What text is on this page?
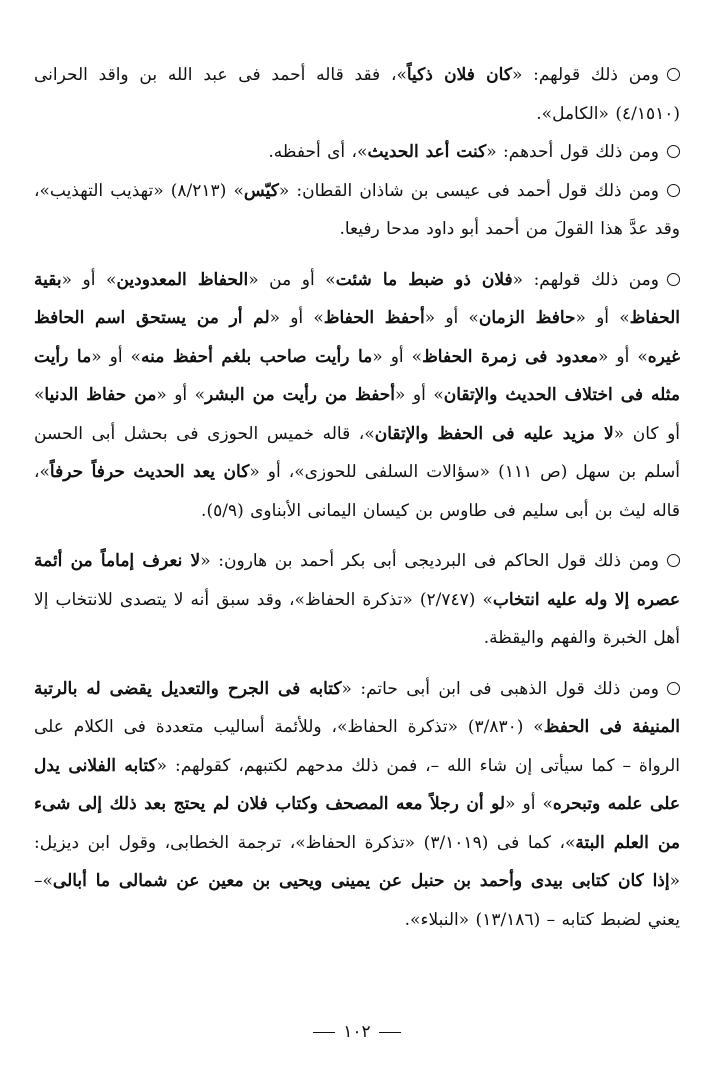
ومن ذلك قولهم: «كان فلان ذكياً»، فقد قاله أحمد فى عبد الله بن واقد الحرانى (٤/١٥١٠) «الكامل».

ومن ذلك قول أحدهم: «كنت أعد الحديث»، أى أحفظه.

ومن ذلك قول أحمد فى عيسى بن شاذان القطان: «كيّس» (٨/٢١٣) «تهذيب التهذيب»، وقد عدَّ هذا القولَ من أحمد أبو داود مدحا رفيعا.

ومن ذلك قولهم: «فلان ذو ضبط ما شئت» أو من «الحفاظ المعدودين» أو «بقية الحفاظ» أو «حافظ الزمان» أو «أحفظ الحفاظ» أو «لم أر من يستحق اسم الحافظ غيره» أو «معدود فى زمرة الحفاظ» أو «ما رأيت صاحب بلغم أحفظ منه» أو «ما رأيت مثله فى اختلاف الحديث والإتقان» أو «أحفظ من رأيت من البشر» أو «من حفاظ الدنيا» أو كان «لا مزيد عليه فى الحفظ والإتقان»، قاله خميس الحوزى فى بحشل أبى الحسن أسلم بن سهل (ص ١١١) «سؤالات السلفى للحوزى»، أو «كان يعد الحديث حرفاً حرفاً»، قاله ليث بن أبى سليم فى طاوس بن كيسان اليمانى الأبناوى (٥/٩).

ومن ذلك قول الحاكم فى البرديجى أبى بكر أحمد بن هارون: «لا نعرف إماماً من أئمة عصره إلا وله عليه انتخاب» (٢/٧٤٧) «تذكرة الحفاظ»، وقد سبق أنه لا يتصدى للانتخاب إلا أهل الخبرة والفهم واليقظة.

ومن ذلك قول الذهبى فى ابن أبى حاتم: «كتابه فى الجرح والتعديل يقضى له بالرتبة المنيفة فى الحفظ» (٣/٨٣٠) «تذكرة الحفاظ»، وللأئمة أساليب متعددة فى الكلام على الرواة – كما سيأتى إن شاء الله –، فمن ذلك مدحهم لكتبهم، كقولهم: «كتابه الفلانى يدل على علمه وتبحره» أو «لو أن رجلاً معه المصحف وكتاب فلان لم يحتج بعد ذلك إلى شىء من العلم البتة»، كما فى (٣/١٠١٩) «تذكرة الحفاظ»، ترجمة الخطابى، وقول ابن ديزيل: «إذا كان كتابى بيدى وأحمد بن حنبل عن يمينى ويحيى بن معين عن شمالى ما أبالى»– يعني لضبط كتابه – (١٣/١٨٦) «النبلاء».

١٠٢
